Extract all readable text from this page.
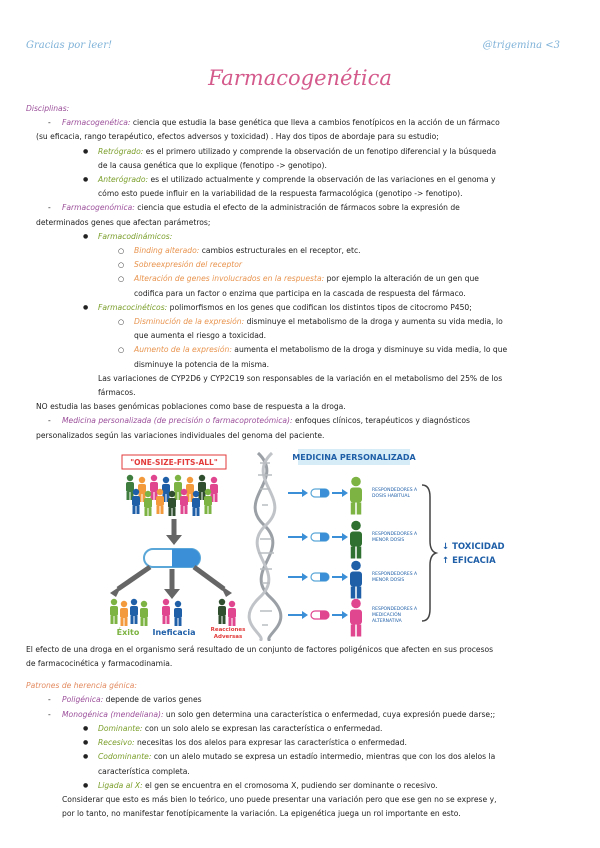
Gracias por leer!	@trigemina <3
Farmacogenética
Disciplinas:
- Farmacogenética: ciencia que estudia la base genética que lleva a cambios fenotípicos en la acción de un fármaco
(su eficacia, rango terapéutico, efectos adversos y toxicidad) . Hay dos tipos de abordaje para su estudio;
● Retrógrado: es el primero utilizado y comprende la observación de un fenotipo diferencial y la búsqueda
de la causa genética que lo explique (fenotipo -> genotipo).
● Anterógrado: es el utilizado actualmente y comprende la observación de las variaciones en el genoma y
cómo esto puede influir en la variabilidad de la respuesta farmacológica (genotipo -> fenotipo).
- Farmacogenómica: ciencia que estudia el efecto de la administración de fármacos sobre la expresión de
determinados genes que afectan parámetros;
● Farmacodinámicos:
○ Binding alterado: cambios estructurales en el receptor, etc.
○ Sobreexpresión del receptor
○ Alteración de genes involucrados en la respuesta: por ejemplo la alteración de un gen que
codifica para un factor o enzima que participa en la cascada de respuesta del fármaco.
● Farmacocinéticos: polimorfismos en los genes que codifican los distintos tipos de citocromo P450;
○ Disminución de la expresión: disminuye el metabolismo de la droga y aumenta su vida media, lo
que aumenta el riesgo a toxicidad.
○ Aumento de la expresión: aumenta el metabolismo de la droga y disminuye su vida media, lo que
disminuye la potencia de la misma.
Las variaciones de CYP2D6 y CYP2C19 son responsables de la variación en el metabolismo del 25% de los
fármacos.
NO estudia las bases genómicas poblaciones como base de respuesta a la droga.
- Medicina personalizada (de precisión o farmacoproteómica): enfoques clínicos, terapéuticos y diagnósticos
personalizados según las variaciones individuales del genoma del paciente.
"ONE-SIZE-FITS-ALL"
Éxito Ineficacia	Reacciones
Adversas
MEDICINA PERSONALIZADA
RESPONDEDORES A
DOSIS HABITUAL
RESPONDEDORES A
MENOR DOSIS
RESPONDEDORES A
MENOR DOSIS
RESPONDEDORES A
MEDICACIÓN
ALTERNATIVA
↓ TOXICIDAD
↑ EFICACIA
El efecto de una droga en el organismo será resultado de un conjunto de factores poligénicos que afecten en sus procesos
de farmacocinética y farmacodinamia.
Patrones de herencia génica:
- Poligénica: depende de varios genes
- Monogénica (mendeliana): un solo gen determina una característica o enfermedad, cuya expresión puede darse;;
● Dominante: con un solo alelo se expresan las característica o enfermedad.
● Recesivo: necesitas los dos alelos para expresar las característica o enfermedad.
● Codominante: con un alelo mutado se expresa un estadío intermedio, mientras que con los dos alelos la
característica completa.
● Ligada al X: el gen se encuentra en el cromosoma X, pudiendo ser dominante o recesivo.
Considerar que esto es más bien lo teórico, uno puede presentar una variación pero que ese gen no se exprese y,
por lo tanto, no manifestar fenotípicamente la variación. La epigenética juega un rol importante en esto.
